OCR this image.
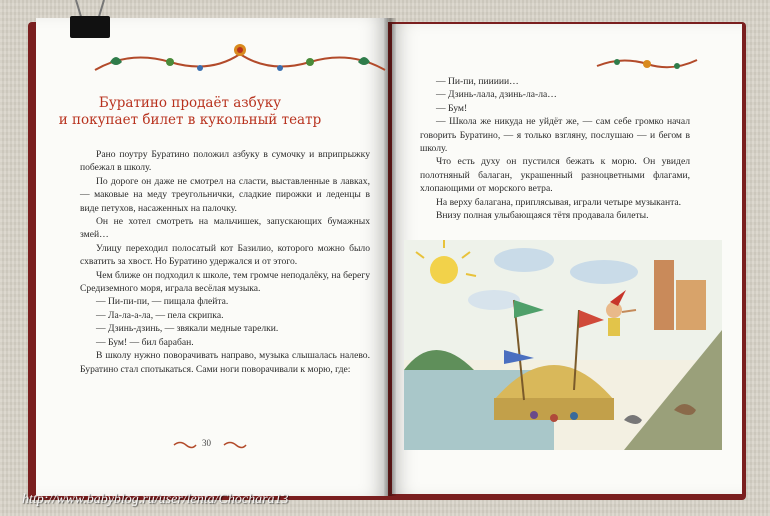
Буратино продаёт азбуку
и покупает билет в кукольный театр

Рано поутру Буратино положил азбуку в сумочку и вприпрыжку побежал в школу.

По дороге он даже не смотрел на сласти, выставленные в лавках, — маковые на меду треугольнички, сладкие пирожки и леденцы в виде петухов, насаженных на палочку.

Он не хотел смотреть на мальчишек, запускающих бумажных змей…

Улицу переходил полосатый кот Базилио, которого можно было схватить за хвост. Но Буратино удержался и от этого.

Чем ближе он подходил к школе, тем громче неподалёку, на берегу Средиземного моря, играла весёлая музыка.

— Пи-пи-пи, — пищала флейта.

— Ла-ла-а-ла, — пела скрипка.

— Дзинь-дзинь, — звякали медные тарелки.

— Бум! — бил барабан.

В школу нужно поворачивать направо, музыка слышалась налево. Буратино стал спотыкаться. Сами ноги поворачивали к морю, где:

30

— Пи-пи, пиииии…

— Дзинь-лала, дзинь-ла-ла…

— Бум!

— Школа же никуда не уйдёт же, — сам себе громко начал говорить Буратино, — я только взгляну, послушаю — и бегом в школу.

Что есть духу он пустился бежать к морю. Он увидел полотняный балаган, украшенный разноцветными флагами, хлопающими от морского ветра.

На верху балагана, приплясывая, играли четыре музыканта.

Внизу полная улыбающаяся тётя продавала билеты.

http://www.babyblog.ru/user/lenta/Chochara13
